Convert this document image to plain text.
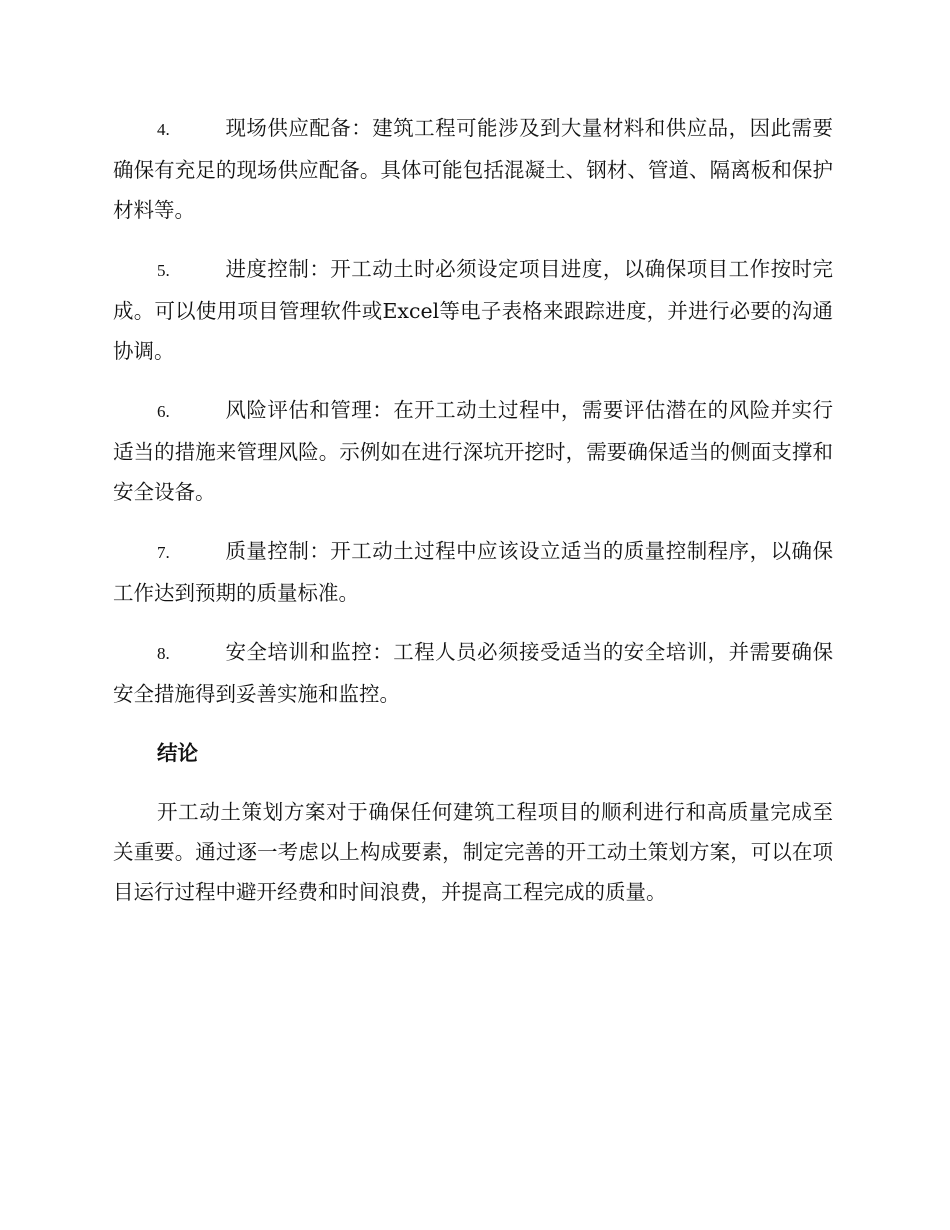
4.	现场供应配备：建筑工程可能涉及到大量材料和供应品，因此需要确保有充足的现场供应配备。具体可能包括混凝土、钢材、管道、隔离板和保护材料等。

5.	进度控制：开工动土时必须设定项目进度，以确保项目工作按时完成。可以使用项目管理软件或Excel等电子表格来跟踪进度，并进行必要的沟通协调。

6.	风险评估和管理：在开工动土过程中，需要评估潜在的风险并实行适当的措施来管理风险。示例如在进行深坑开挖时，需要确保适当的侧面支撑和安全设备。

7.	质量控制：开工动土过程中应该设立适当的质量控制程序，以确保工作达到预期的质量标准。

8.	安全培训和监控：工程人员必须接受适当的安全培训，并需要确保安全措施得到妥善实施和监控。

结论

开工动土策划方案对于确保任何建筑工程项目的顺利进行和高质量完成至关重要。通过逐一考虑以上构成要素，制定完善的开工动土策划方案，可以在项目运行过程中避开经费和时间浪费，并提高工程完成的质量。
